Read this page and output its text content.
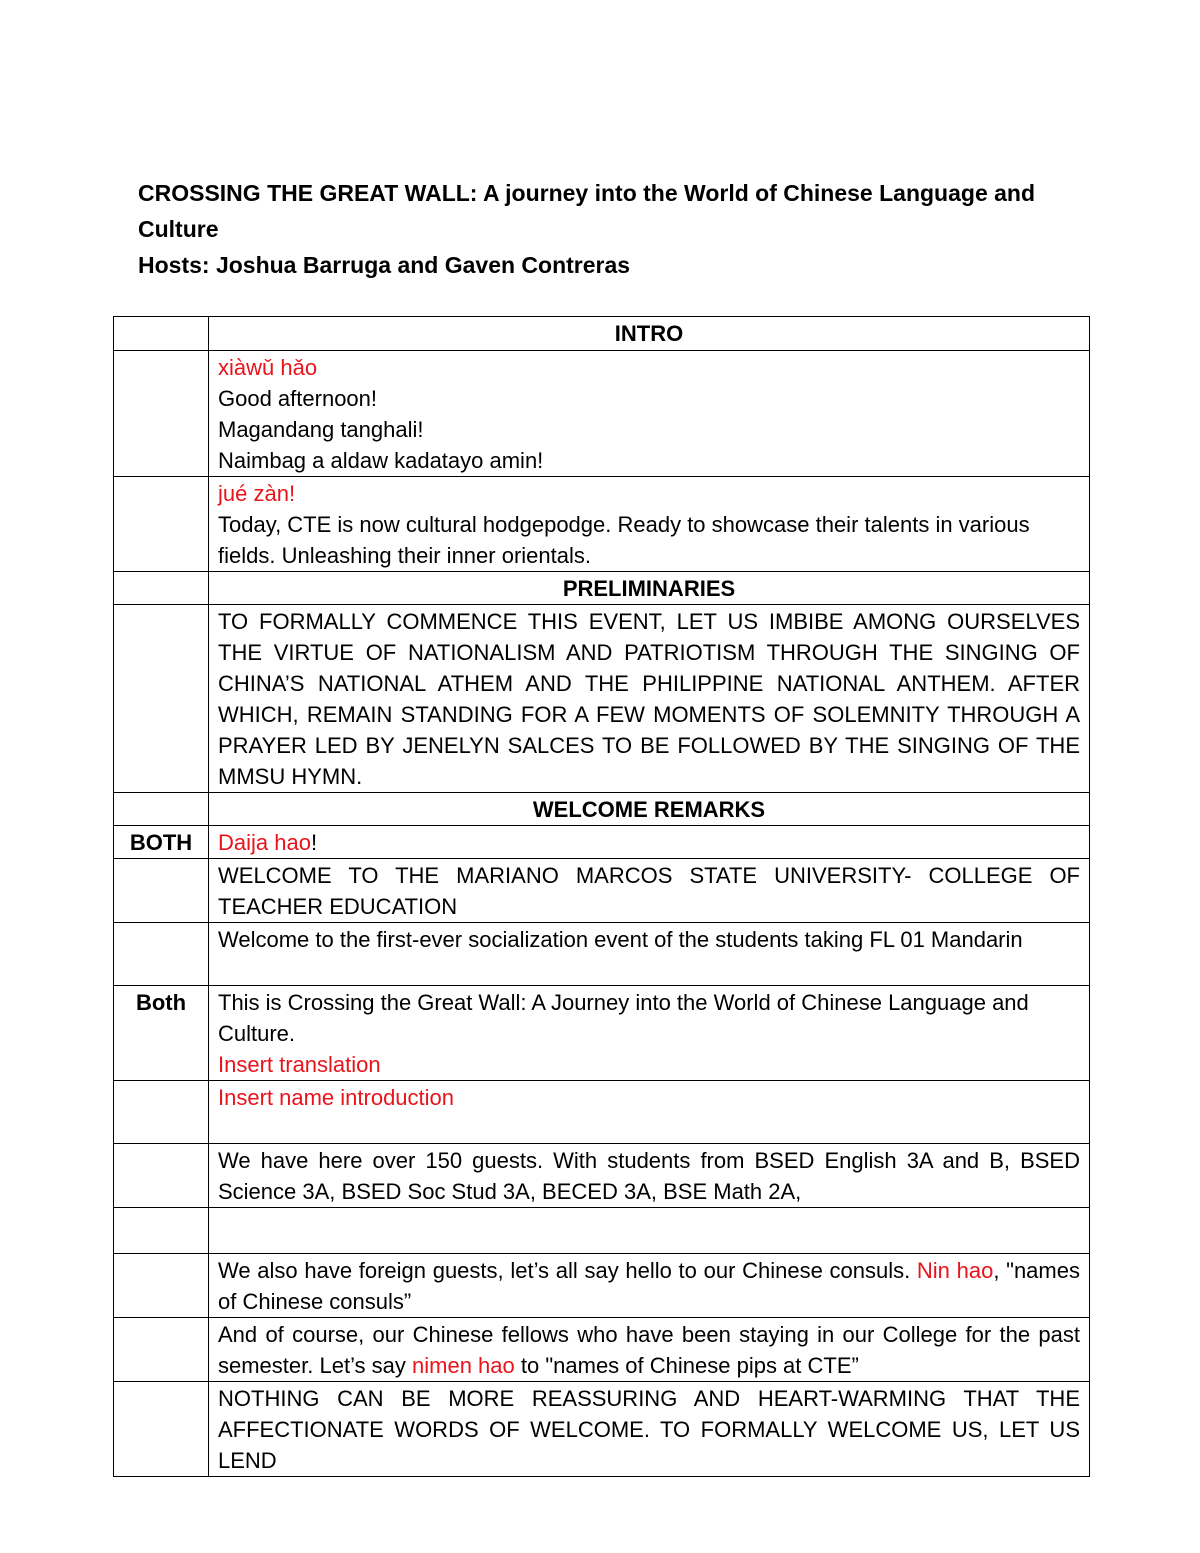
CROSSING THE GREAT WALL: A journey into the World of Chinese Language and
Culture
Hosts: Joshua Barruga and Gaven Contreras
	INTRO

	xiàwǔ hǎo
Good afternoon!
Magandang tanghali!
Naimbag a aldaw kadatayo amin!

	jué zàn!
Today, CTE is now cultural hodgepodge. Ready to showcase their talents in various fields. Unleashing their inner orientals.

	PRELIMINARIES
	TO FORMALLY COMMENCE THIS EVENT, LET US IMBIBE AMONG OURSELVES THE VIRTUE OF NATIONALISM AND PATRIOTISM THROUGH THE SINGING OF CHINA’S NATIONAL ATHEM AND THE PHILIPPINE NATIONAL ANTHEM. AFTER WHICH, REMAIN STANDING FOR A FEW MOMENTS OF SOLEMNITY THROUGH A PRAYER LED BY JENELYN SALCES TO BE FOLLOWED BY THE SINGING OF THE MMSU HYMN.
	WELCOME REMARKS
BOTH	Daija hao!
	WELCOME TO THE MARIANO MARCOS STATE UNIVERSITY- COLLEGE OF TEACHER EDUCATION
	Welcome to the first-ever socialization event of the students taking FL 01 Mandarin
Both	This is Crossing the Great Wall: A Journey into the World of Chinese Language and Culture.
Insert translation

	Insert name introduction
	We have here over 150 guests. With students from BSED English 3A and B, BSED Science 3A, BSED Soc Stud 3A, BECED 3A, BSE Math 2A,

	We also have foreign guests, let’s all say hello to our Chinese consuls. Nin hao, "names of Chinese consuls”
	And of course, our Chinese fellows who have been staying in our College for the past semester. Let’s say nimen hao to "names of Chinese pips at CTE”
	NOTHING CAN BE MORE REASSURING AND HEART-WARMING THAT THE AFFECTIONATE WORDS OF WELCOME. TO FORMALLY WELCOME US, LET US LEND
